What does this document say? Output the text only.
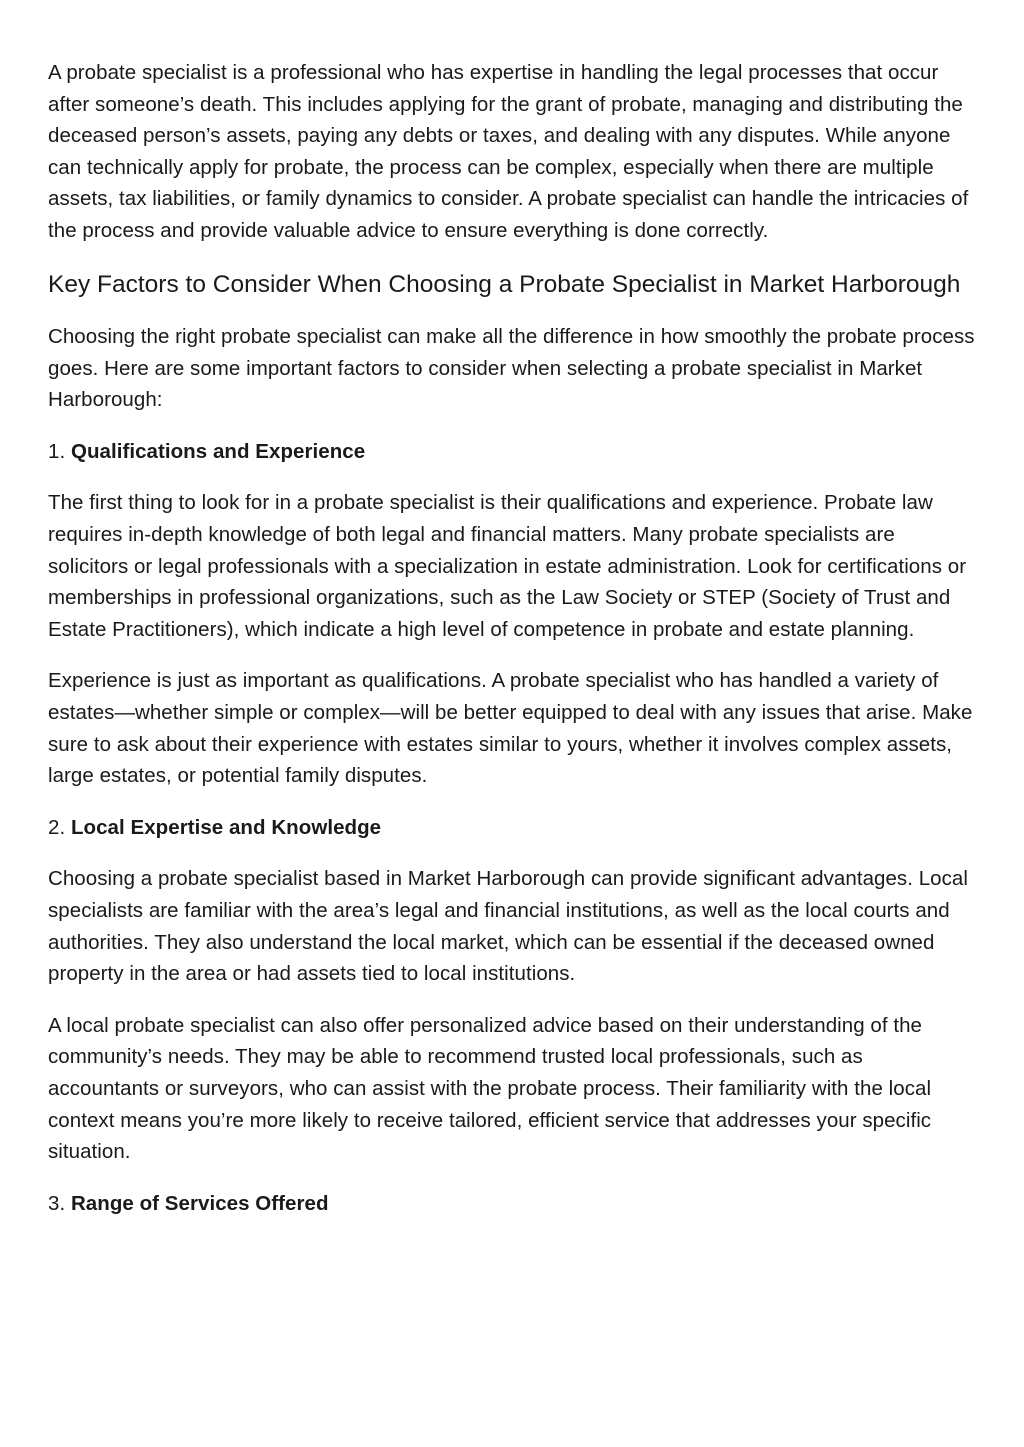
A probate specialist is a professional who has expertise in handling the legal processes that occur after someone’s death. This includes applying for the grant of probate, managing and distributing the deceased person’s assets, paying any debts or taxes, and dealing with any disputes. While anyone can technically apply for probate, the process can be complex, especially when there are multiple assets, tax liabilities, or family dynamics to consider. A probate specialist can handle the intricacies of the process and provide valuable advice to ensure everything is done correctly.

Key Factors to Consider When Choosing a Probate Specialist in Market Harborough

Choosing the right probate specialist can make all the difference in how smoothly the probate process goes. Here are some important factors to consider when selecting a probate specialist in Market Harborough:

1. Qualifications and Experience

The first thing to look for in a probate specialist is their qualifications and experience. Probate law requires in-depth knowledge of both legal and financial matters. Many probate specialists are solicitors or legal professionals with a specialization in estate administration. Look for certifications or memberships in professional organizations, such as the Law Society or STEP (Society of Trust and Estate Practitioners), which indicate a high level of competence in probate and estate planning.

Experience is just as important as qualifications. A probate specialist who has handled a variety of estates—whether simple or complex—will be better equipped to deal with any issues that arise. Make sure to ask about their experience with estates similar to yours, whether it involves complex assets, large estates, or potential family disputes.

2. Local Expertise and Knowledge

Choosing a probate specialist based in Market Harborough can provide significant advantages. Local specialists are familiar with the area’s legal and financial institutions, as well as the local courts and authorities. They also understand the local market, which can be essential if the deceased owned property in the area or had assets tied to local institutions.

A local probate specialist can also offer personalized advice based on their understanding of the community’s needs. They may be able to recommend trusted local professionals, such as accountants or surveyors, who can assist with the probate process. Their familiarity with the local context means you’re more likely to receive tailored, efficient service that addresses your specific situation.

3. Range of Services Offered
